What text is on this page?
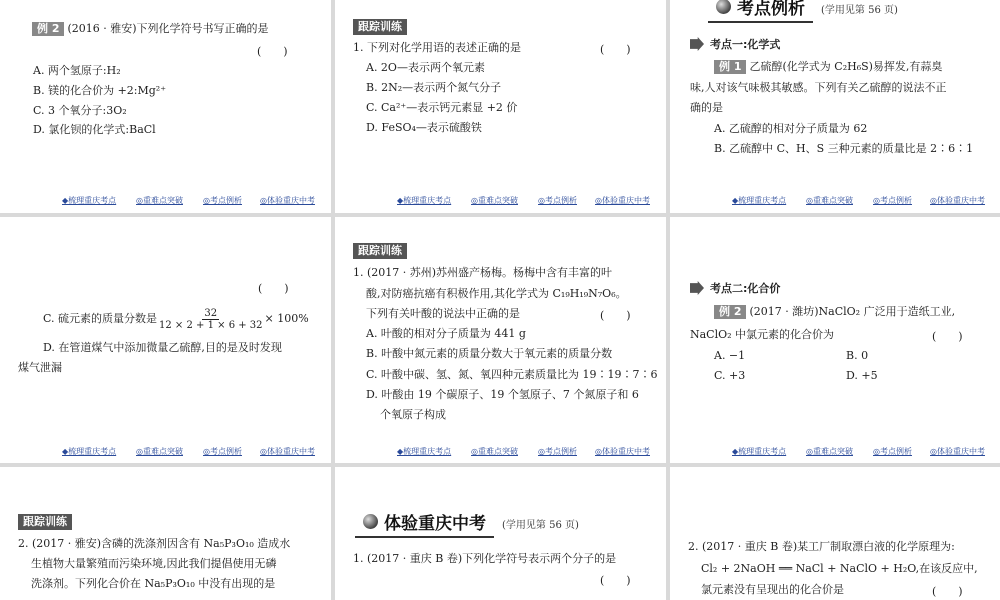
例 2 (2016 · 雅安)下列化学符号书写正确的是
(　　)
A. 两个氢原子:H₂
B. 镁的化合价为 +2:Mg²⁺
C. 3 个氧分子:3O₂
D. 氯化钡的化学式:BaCl
◆梳理重庆考点 ◎重难点突破	◎考点例析 ◎体验重庆中考
跟踪训练
1. 下列对化学用语的表述正确的是	(　　)
A. 2O—表示两个氧元素
B. 2N₂—表示两个氮气分子
C. Ca²⁺—表示钙元素显 +2 价
D. FeSO₄—表示硫酸铁
◆梳理重庆考点 ◎重难点突破	◎考点例析 ◎体验重庆中考
考点例析 (学用见第 56 页)
考点一:化学式
例 1 乙硫醇(化学式为 C₂H₆S)易挥发,有蒜臭
味,人对该气味极其敏感。下列有关乙硫醇的说法不正
确的是
A. 乙硫醇的相对分子质量为 62
B. 乙硫醇中 C、H、S 三种元素的质量比是 2∶6∶1
◆梳理重庆考点 ◎重难点突破	◎考点例析 ◎体验重庆中考
(　　)
C. 硫元素的质量分数是 $\frac{32}{12 \times 2 + 1 \times 6 + 32} \times 100\%$
D. 在管道煤气中添加微量乙硫醇,目的是及时发现
煤气泄漏
◆梳理重庆考点 ◎重难点突破	◎考点例析 ◎体验重庆中考
跟踪训练
1. (2017 · 苏州)苏州盛产杨梅。杨梅中含有丰富的叶
酸,对防癌抗癌有积极作用,其化学式为 C₁₉H₁₉N₇O₆。
下列有关叶酸的说法中正确的是	(　　)
A. 叶酸的相对分子质量为 441 g
B. 叶酸中氮元素的质量分数大于氧元素的质量分数
C. 叶酸中碳、氢、氮、氧四种元素质量比为 19∶19∶7∶6
D. 叶酸由 19 个碳原子、19 个氢原子、7 个氮原子和 6
个氧原子构成
◆梳理重庆考点 ◎重难点突破	◎考点例析 ◎体验重庆中考
考点二:化合价
例 2 (2017 · 潍坊)NaClO₂ 广泛用于造纸工业,
NaClO₂ 中氯元素的化合价为	(　　)
A. −1	B. 0
C. +3	D. +5
◆梳理重庆考点 ◎重难点突破	◎考点例析 ◎体验重庆中考
跟踪训练
2. (2017 · 雅安)含磷的洗涤剂因含有 Na₅P₃O₁₀ 造成水
生植物大量繁殖而污染环境,因此我们提倡使用无磷
洗涤剂。下列化合价在 Na₅P₃O₁₀ 中没有出现的是
体验重庆中考 (学用见第 56 页)
1. (2017 · 重庆 B 卷)下列化学符号表示两个分子的是
(　　)
2. (2017 · 重庆 B 卷)某工厂制取漂白液的化学原理为:
Cl₂ + 2NaOH ══ NaCl + NaClO + H₂O,在该反应中,
氯元素没有呈现出的化合价是	(　　)
